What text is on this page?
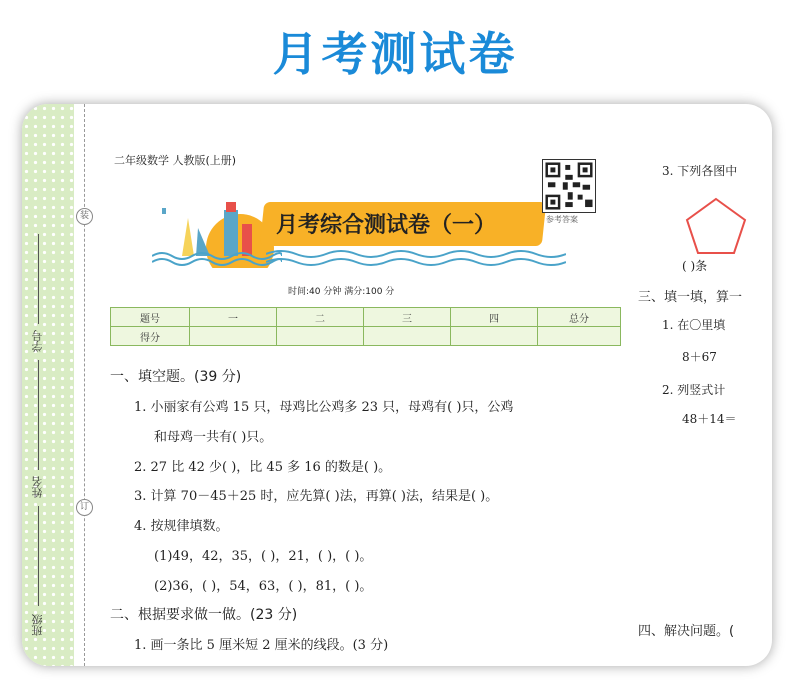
月考测试卷
学号
姓名
班级
装
订
二年级数学 人教版(上册)
月考综合测试卷（一）	参考答案
时间:40 分钟 满分:100 分
题号	一	二	三	四	总分
得分					
一、填空题。(39 分)
1. 小丽家有公鸡 15 只，母鸡比公鸡多 23 只，母鸡有( )只，公鸡
和母鸡一共有( )只。
2. 27 比 42 少( )，比 45 多 16 的数是( )。
3. 计算 70－45＋25 时，应先算( )法，再算( )法，结果是( )。
4. 按规律填数。
(1)49，42，35，( )，21，( )，( )。
(2)36，( )，54，63，( )，81，( )。
二、根据要求做一做。(23 分)
1. 画一条比 5 厘米短 2 厘米的线段。(3 分)
3. 下列各图中
( )条
三、填一填，算一
1. 在〇里填
8＋67
2. 列竖式计
48＋14＝
四、解决问题。(
